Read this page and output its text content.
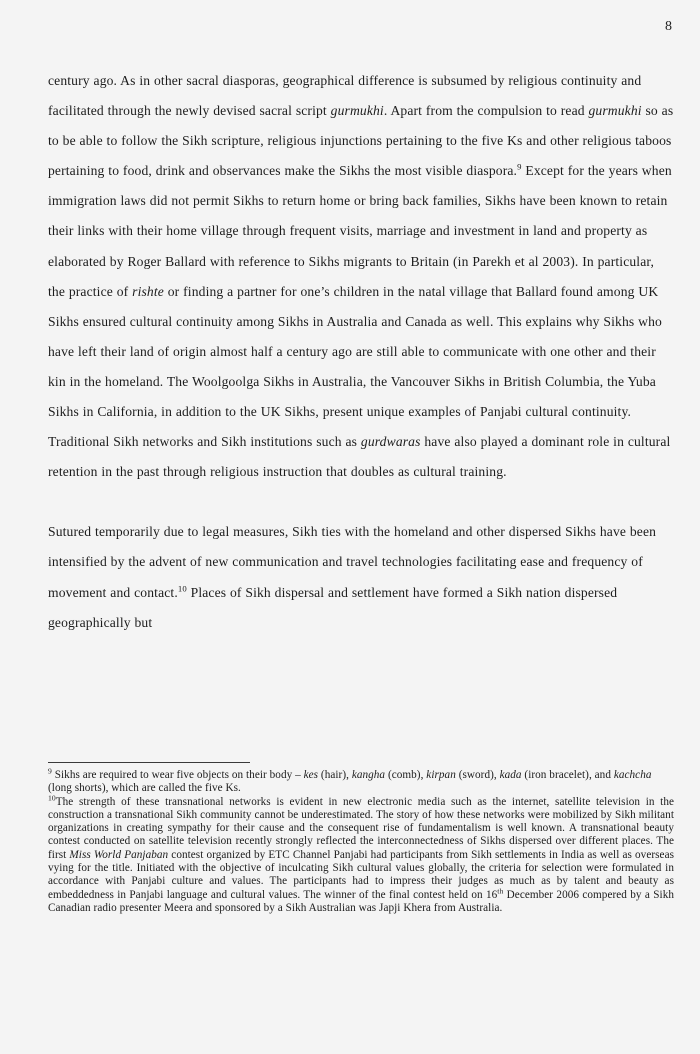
8

century ago. As in other sacral diasporas, geographical difference is subsumed by religious continuity and facilitated through the newly devised sacral script gurmukhi. Apart from the compulsion to read gurmukhi so as to be able to follow the Sikh scripture, religious injunctions pertaining to the five Ks and other religious taboos pertaining to food, drink and observances make the Sikhs the most visible diaspora.$^9$ Except for the years when immigration laws did not permit Sikhs to return home or bring back families, Sikhs have been known to retain their links with their home village through frequent visits, marriage and investment in land and property as elaborated by Roger Ballard with reference to Sikhs migrants to Britain (in Parekh et al 2003). In particular, the practice of rishte or finding a partner for one’s children in the natal village that Ballard found among UK Sikhs ensured cultural continuity among Sikhs in Australia and Canada as well. This explains why Sikhs who have left their land of origin almost half a century ago are still able to communicate with one other and their kin in the homeland. The Woolgoolga Sikhs in Australia, the Vancouver Sikhs in British Columbia, the Yuba Sikhs in California, in addition to the UK Sikhs, present unique examples of Panjabi cultural continuity. Traditional Sikh networks and Sikh institutions such as gurdwaras have also played a dominant role in cultural retention in the past through religious instruction that doubles as cultural training.

Sutured temporarily due to legal measures, Sikh ties with the homeland and other dispersed Sikhs have been intensified by the advent of new communication and travel technologies facilitating ease and frequency of movement and contact.$^{10}$ Places of Sikh dispersal and settlement have formed a Sikh nation dispersed geographically but

$^9$ Sikhs are required to wear five objects on their body – kes (hair), kangha (comb), kirpan (sword), kada (iron bracelet), and kachcha (long shorts), which are called the five Ks.

$^{10}$The strength of these transnational networks is evident in new electronic media such as the internet, satellite television in the construction a transnational Sikh community cannot be underestimated. The story of how these networks were mobilized by Sikh militant organizations in creating sympathy for their cause and the consequent rise of fundamentalism is well known. A transnational beauty contest conducted on satellite television recently strongly reflected the interconnectedness of Sikhs dispersed over different places. The first Miss World Panjaban contest organized by ETC Channel Panjabi had participants from Sikh settlements in India as well as overseas vying for the title. Initiated with the objective of inculcating Sikh cultural values globally, the criteria for selection were formulated in accordance with Panjabi culture and values. The participants had to impress their judges as much as by talent and beauty as embeddedness in Panjabi language and cultural values. The winner of the final contest held on 16th December 2006 compered by a Sikh Canadian radio presenter Meera and sponsored by a Sikh Australian was Japji Khera from Australia.
